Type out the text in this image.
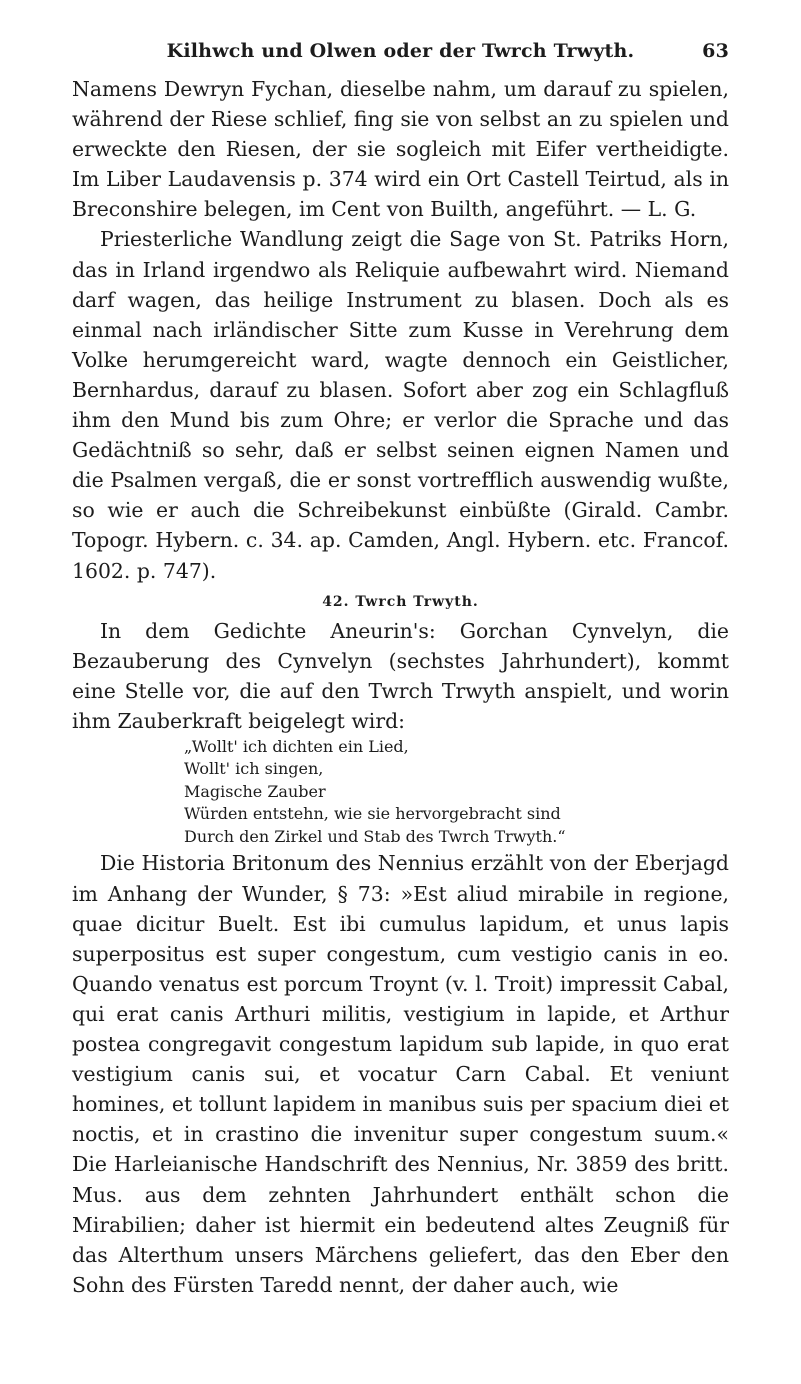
Kilhwch und Olwen oder der Twrch Trwyth.	63

Namens Dewryn Fychan, dieselbe nahm, um darauf zu spielen, während der Riese schlief, fing sie von selbst an zu spielen und erweckte den Riesen, der sie sogleich mit Eifer vertheidigte. Im Liber Laudavensis p. 374 wird ein Ort Castell Teirtud, als in Breconshire belegen, im Cent von Builth, angeführt. — L. G.

Priesterliche Wandlung zeigt die Sage von St. Patriks Horn, das in Irland irgendwo als Reliquie aufbewahrt wird. Niemand darf wagen, das heilige Instrument zu blasen. Doch als es einmal nach irländischer Sitte zum Kusse in Verehrung dem Volke herumgereicht ward, wagte dennoch ein Geistlicher, Bernhardus, darauf zu blasen. Sofort aber zog ein Schlagfluß ihm den Mund bis zum Ohre; er verlor die Sprache und das Gedächtniß so sehr, daß er selbst seinen eignen Namen und die Psalmen vergaß, die er sonst vortrefflich auswendig wußte, so wie er auch die Schreibekunst einbüßte (Girald. Cambr. Topogr. Hybern. c. 34. ap. Camden, Angl. Hybern. etc. Francof. 1602. p. 747).

42. Twrch Trwyth.

In dem Gedichte Aneurin's: Gorchan Cynvelyn, die Bezauberung des Cynvelyn (sechstes Jahrhundert), kommt eine Stelle vor, die auf den Twrch Trwyth anspielt, und worin ihm Zauberkraft beigelegt wird:

„Wollt' ich dichten ein Lied,
Wollt' ich singen,
Magische Zauber
Würden entstehn, wie sie hervorgebracht sind
Durch den Zirkel und Stab des Twrch Trwyth.“

Die Historia Britonum des Nennius erzählt von der Eberjagd im Anhang der Wunder, § 73: »Est aliud mirabile in regione, quae dicitur Buelt. Est ibi cumulus lapidum, et unus lapis superpositus est super congestum, cum vestigio canis in eo. Quando venatus est porcum Troynt (v. l. Troit) impressit Cabal, qui erat canis Arthuri militis, vestigium in lapide, et Arthur postea congregavit congestum lapidum sub lapide, in quo erat vestigium canis sui, et vocatur Carn Cabal. Et veniunt homines, et tollunt lapidem in manibus suis per spacium diei et noctis, et in crastino die invenitur super congestum suum.« Die Harleianische Handschrift des Nennius, Nr. 3859 des britt. Mus. aus dem zehnten Jahrhundert enthält schon die Mirabilien; daher ist hiermit ein bedeutend altes Zeugniß für das Alterthum unsers Märchens geliefert, das den Eber den Sohn des Fürsten Taredd nennt, der daher auch, wie
